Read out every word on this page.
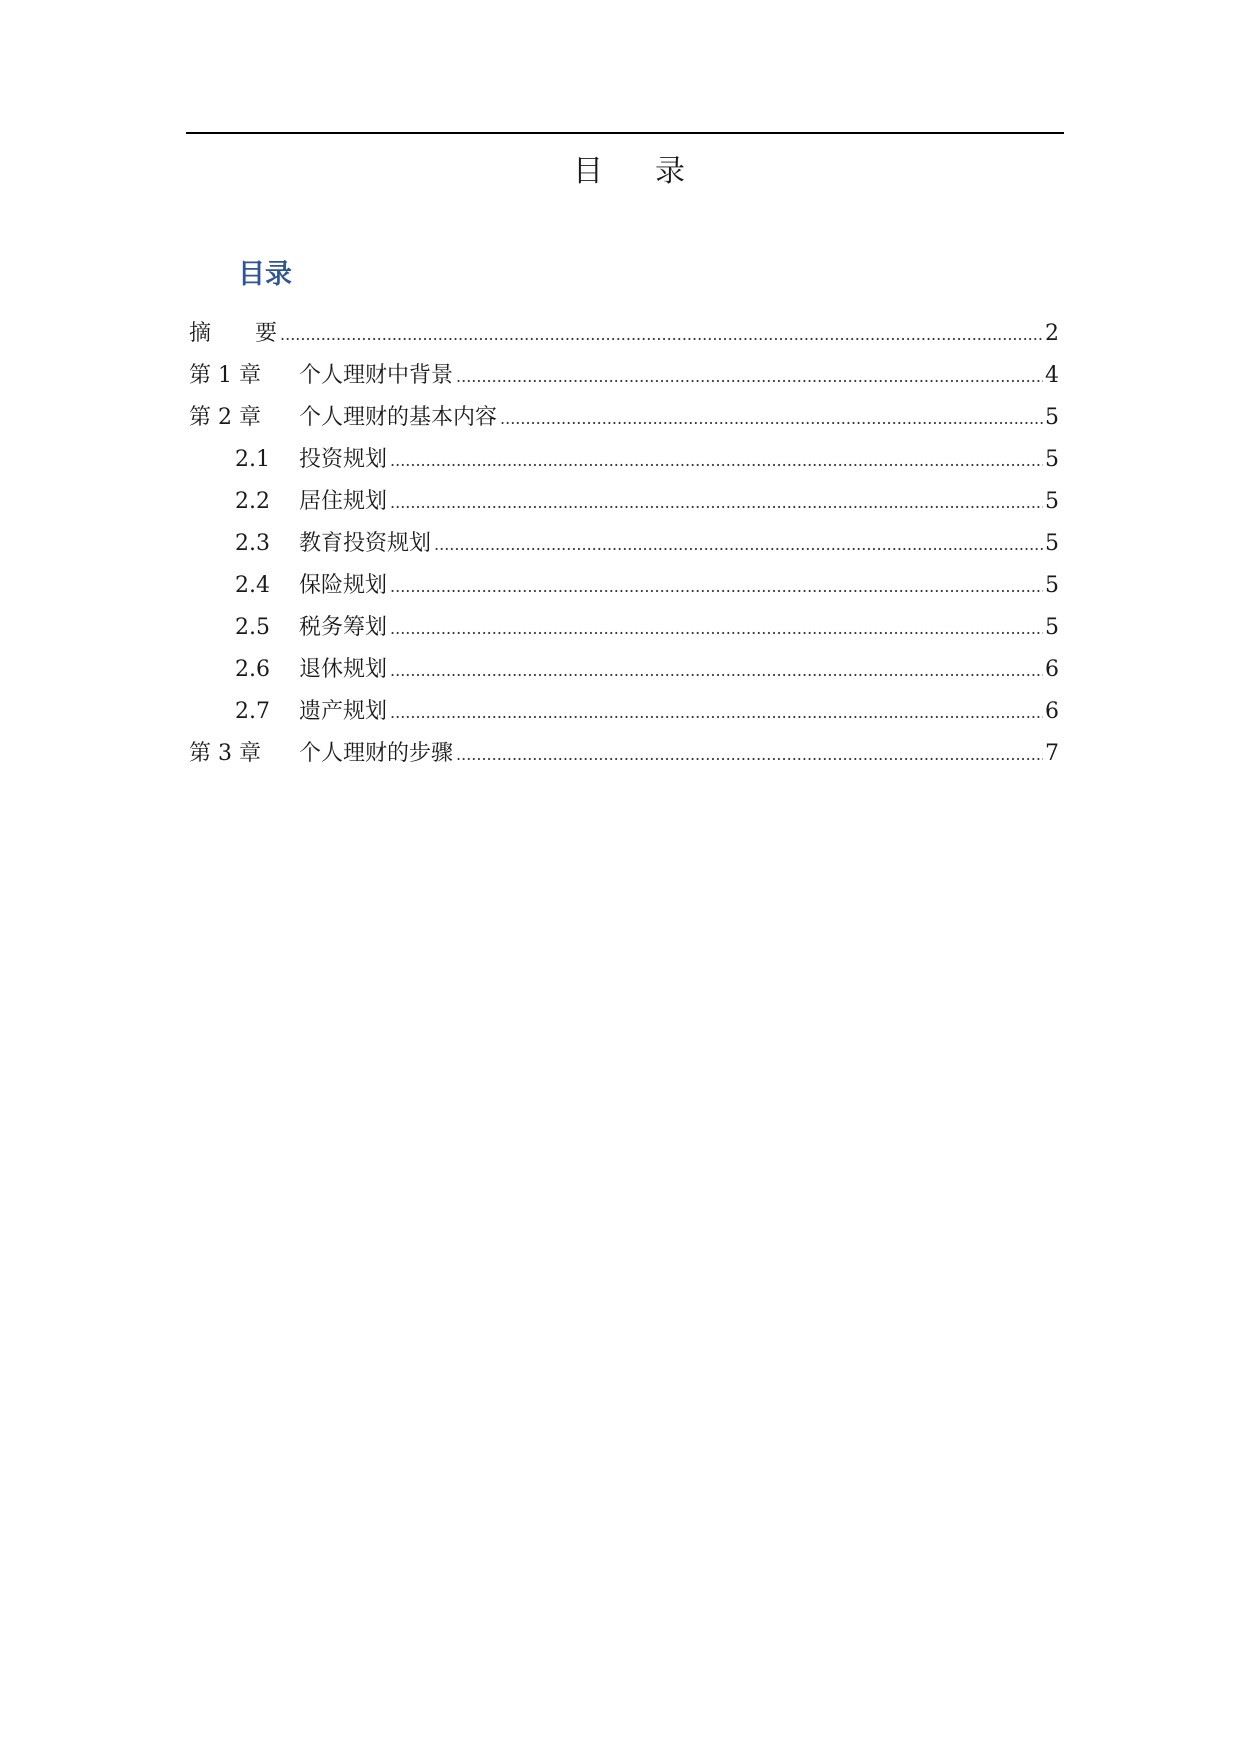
目 录
目录
摘 要 .....	2
第 1 章	个人理财中背景 .....	4
第 2 章	个人理财的基本内容 .....	5
2.1	投资规划 .....	5
2.2	居住规划 .....	5
2.3	教育投资规划 .....	5
2.4	保险规划 .....	5
2.5	税务筹划 .....	5
2.6	退休规划 .....	6
2.7	遗产规划 .....	6
第 3 章	个人理财的步骤 .....	7
